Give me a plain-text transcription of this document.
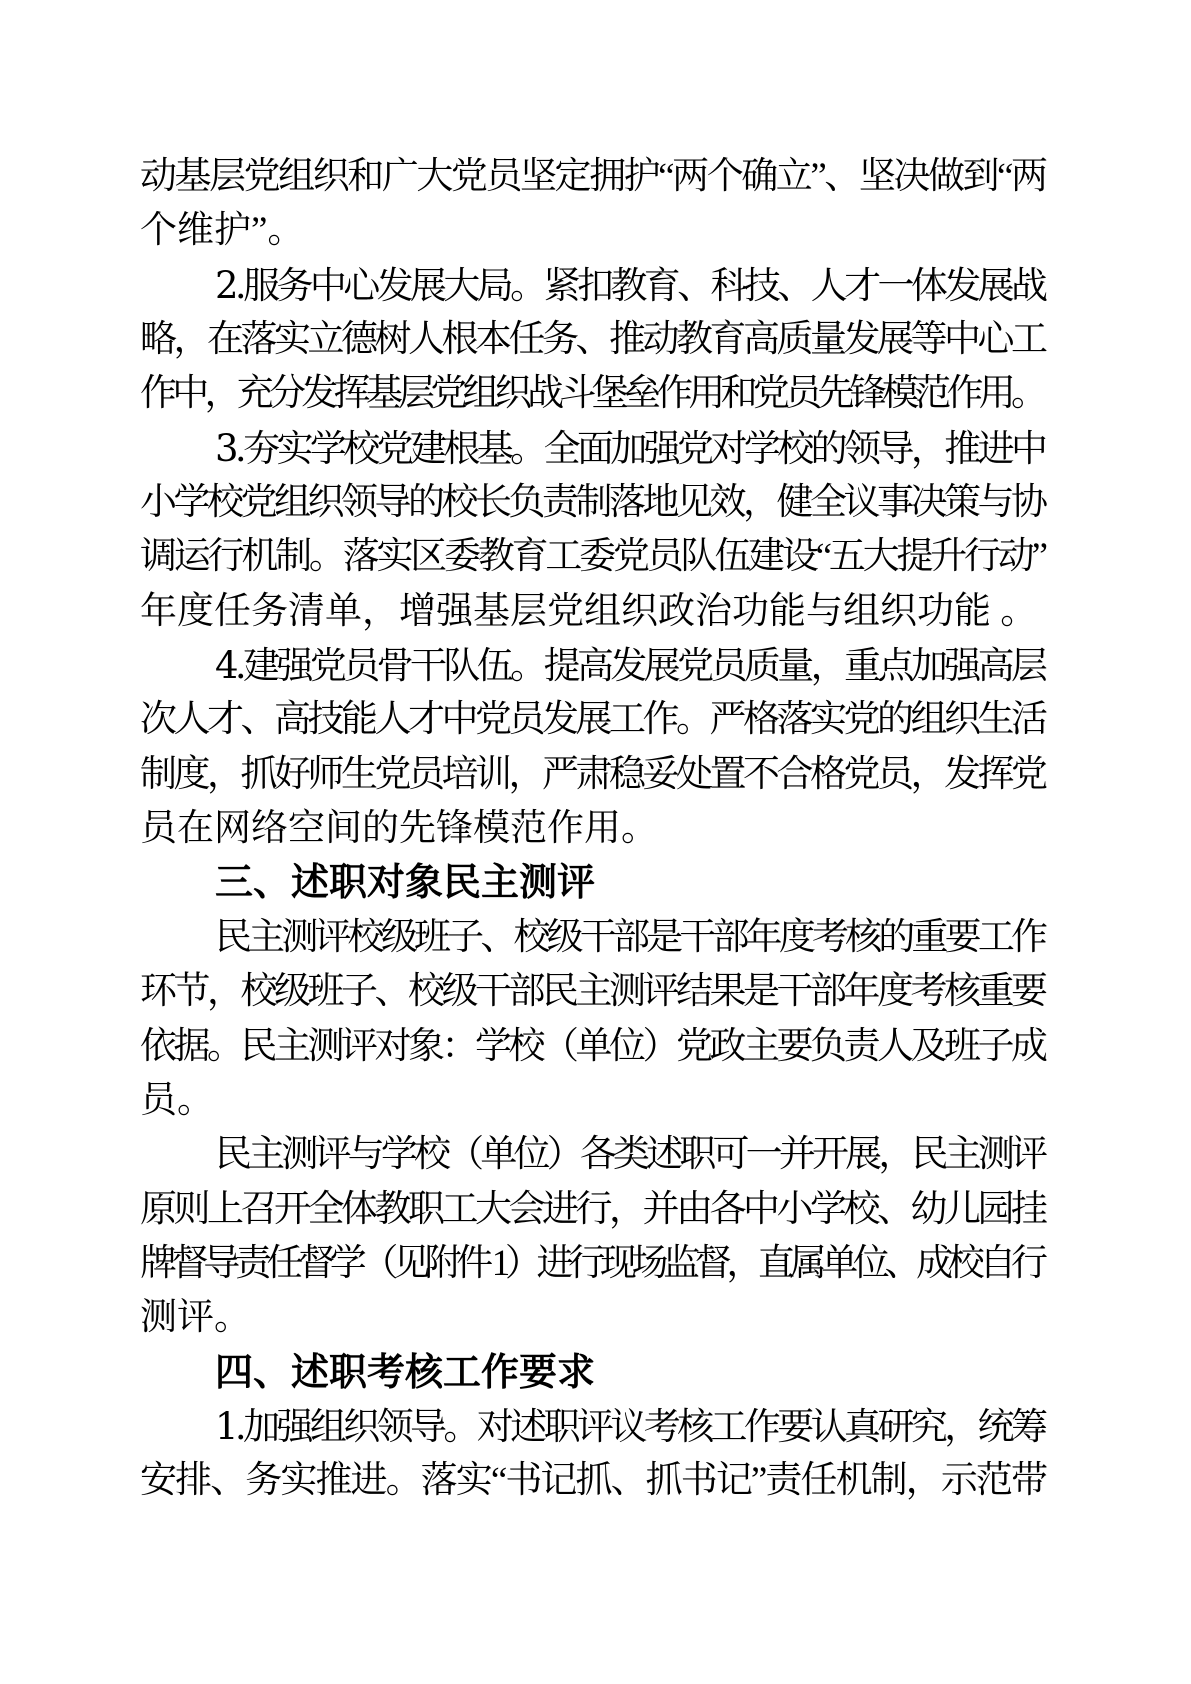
动基层党组织和广大党员坚定拥护“两个确立”、坚决做到“两
个维护”。
2.服务中心发展大局。紧扣教育、科技、人才一体发展战
略，在落实立德树人根本任务、推动教育高质量发展等中心工
作中，充分发挥基层党组织战斗堡垒作用和党员先锋模范作用。
3.夯实学校党建根基。全面加强党对学校的领导，推进中
小学校党组织领导的校长负责制落地见效，健全议事决策与协
调运行机制。落实区委教育工委党员队伍建设“五大提升行动”
年度任务清单，增强基层党组织政治功能与组织功能 。
4.建强党员骨干队伍。提高发展党员质量，重点加强高层
次人才、高技能人才中党员发展工作。严格落实党的组织生活
制度，抓好师生党员培训，严肃稳妥处置不合格党员，发挥党
员在网络空间的先锋模范作用。
三、述职对象民主测评
民主测评校级班子、校级干部是干部年度考核的重要工作
环节，校级班子、校级干部民主测评结果是干部年度考核重要
依据。民主测评对象：学校（单位）党政主要负责人及班子成
员。
民主测评与学校（单位）各类述职可一并开展，民主测评
原则上召开全体教职工大会进行，并由各中小学校、幼儿园挂
牌督导责任督学（见附件 1）进行现场监督，直属单位、成校自行
测评。
四、述职考核工作要求
1.加强组织领导。对述职评议考核工作要认真研究，统筹
安排、务实推进。落实“书记抓、抓书记”责任机制，示范带
